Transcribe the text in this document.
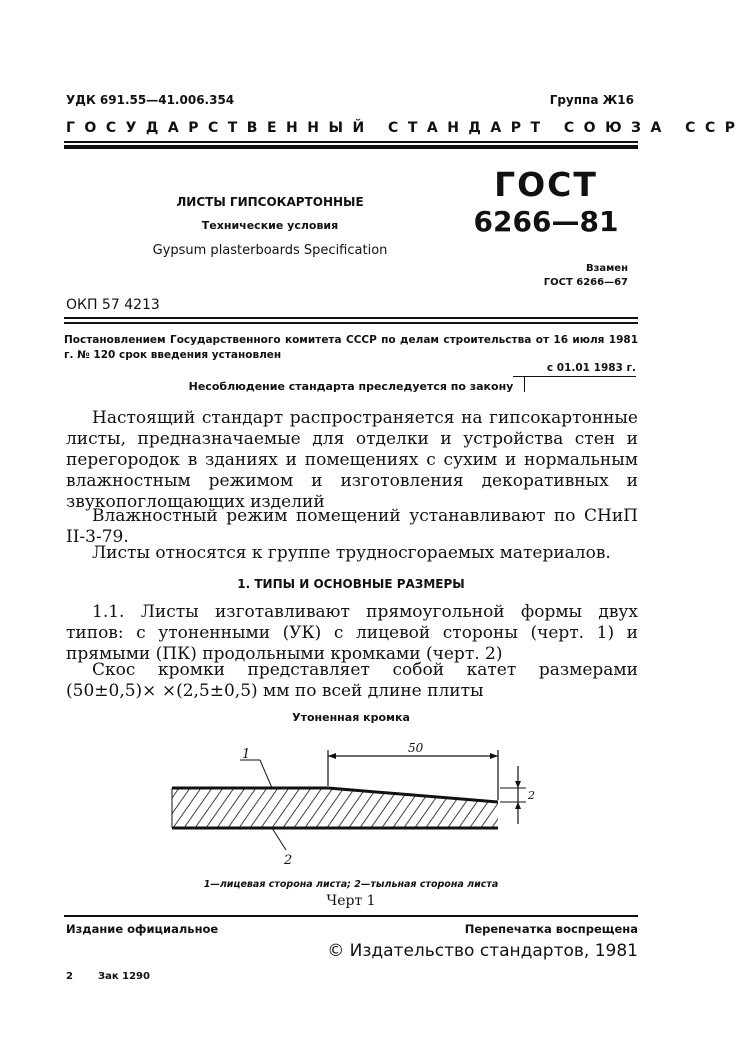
УДК 691.55—41.006.354	Группа Ж16
ГОСУДАРСТВЕННЫЙ СТАНДАРТ СОЮЗА ССР
ЛИСТЫ ГИПСОКАРТОННЫЕ
Технические условия
Gypsum plasterboards Specification
ГОСТ
6266—81
Взамен
ГОСТ 6266—67
ОКП 57 4213
Постановлением Государственного комитета СССР по делам строительства от 16 июля 1981 г. № 120 срок введения установлен
с 01.01 1983 г.
Несоблюдение стандарта преследуется по закону
Настоящий стандарт распространяется на гипсокартонные листы, предназначаемые для отделки и устройства стен и перегородок в зданиях и помещениях с сухим и нормальным влажностным режимом и изготовления декоративных и звукопоглощающих изделий
Влажностный режим помещений устанавливают по СНиП II-3-79.
Листы относятся к группе трудносгораемых материалов.
1. ТИПЫ И ОСНОВНЫЕ РАЗМЕРЫ
1.1. Листы изготавливают прямоугольной формы двух типов: с утоненными (УК) с лицевой стороны (черт. 1) и прямыми (ПК) продольными кромками (черт. 2)
Скос кромки представляет собой катет размерами (50±0,5)× ×(2,5±0,5) мм по всей длине плиты
Утоненная кромка
50
2
1
2
1—лицевая сторона листа; 2—тыльная сторона листа
Черт 1
Издание официальное	Перепечатка воспрещена
© Издательство стандартов, 1981
2	Зак 1290
